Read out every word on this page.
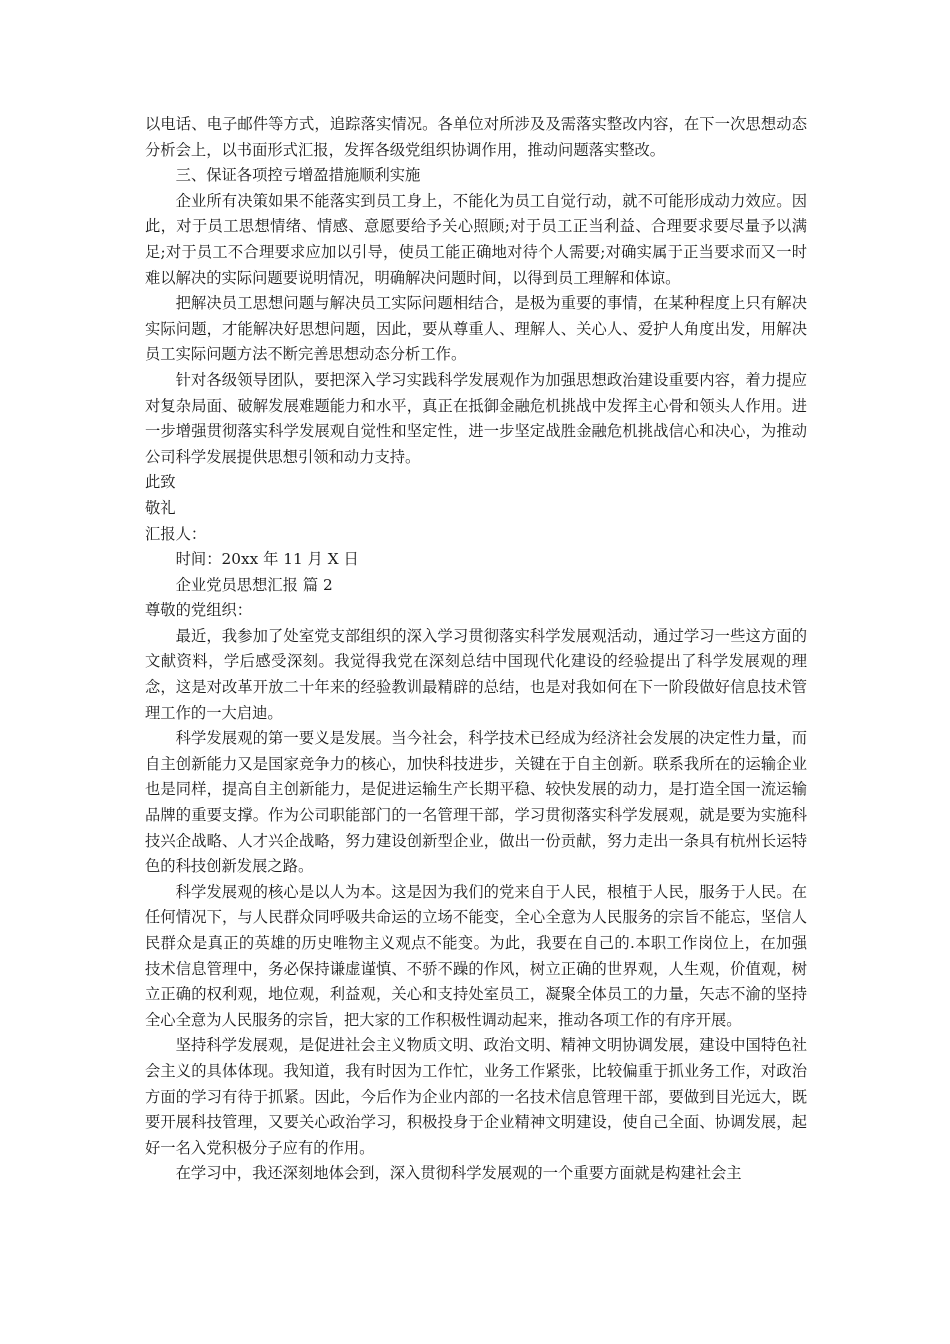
以电话、电子邮件等方式，追踪落实情况。各单位对所涉及及需落实整改内容，在下一次思想动态分析会上，以书面形式汇报，发挥各级党组织协调作用，推动问题落实整改。

三、保证各项控亏增盈措施顺利实施

企业所有决策如果不能落实到员工身上，不能化为员工自觉行动，就不可能形成动力效应。因此，对于员工思想情绪、情感、意愿要给予关心照顾;对于员工正当利益、合理要求要尽量予以满足;对于员工不合理要求应加以引导，使员工能正确地对待个人需要;对确实属于正当要求而又一时难以解决的实际问题要说明情况，明确解决问题时间，以得到员工理解和体谅。

把解决员工思想问题与解决员工实际问题相结合，是极为重要的事情，在某种程度上只有解决实际问题，才能解决好思想问题，因此，要从尊重人、理解人、关心人、爱护人角度出发，用解决员工实际问题方法不断完善思想动态分析工作。

针对各级领导团队，要把深入学习实践科学发展观作为加强思想政治建设重要内容，着力提应对复杂局面、破解发展难题能力和水平，真正在抵御金融危机挑战中发挥主心骨和领头人作用。进一步增强贯彻落实科学发展观自觉性和坚定性，进一步坚定战胜金融危机挑战信心和决心，为推动公司科学发展提供思想引领和动力支持。

此致

敬礼

汇报人：

时间：20xx 年 11 月 X 日

企业党员思想汇报 篇 2

尊敬的党组织：

最近，我参加了处室党支部组织的深入学习贯彻落实科学发展观活动，通过学习一些这方面的文献资料，学后感受深刻。我觉得我党在深刻总结中国现代化建设的经验提出了科学发展观的理念，这是对改革开放二十年来的经验教训最精辟的总结，也是对我如何在下一阶段做好信息技术管理工作的一大启迪。

科学发展观的第一要义是发展。当今社会，科学技术已经成为经济社会发展的决定性力量，而自主创新能力又是国家竞争力的核心，加快科技进步，关键在于自主创新。联系我所在的运输企业也是同样，提高自主创新能力，是促进运输生产长期平稳、较快发展的动力，是打造全国一流运输品牌的重要支撑。作为公司职能部门的一名管理干部，学习贯彻落实科学发展观，就是要为实施科技兴企战略、人才兴企战略，努力建设创新型企业，做出一份贡献，努力走出一条具有杭州长运特色的科技创新发展之路。

科学发展观的核心是以人为本。这是因为我们的党来自于人民，根植于人民，服务于人民。在任何情况下，与人民群众同呼吸共命运的立场不能变，全心全意为人民服务的宗旨不能忘，坚信人民群众是真正的英雄的历史唯物主义观点不能变。为此，我要在自己的.本职工作岗位上，在加强技术信息管理中，务必保持谦虚谨慎、不骄不躁的作风，树立正确的世界观，人生观，价值观，树立正确的权利观，地位观，利益观，关心和支持处室员工，凝聚全体员工的力量，矢志不渝的坚持全心全意为人民服务的宗旨，把大家的工作积极性调动起来，推动各项工作的有序开展。

坚持科学发展观，是促进社会主义物质文明、政治文明、精神文明协调发展，建设中国特色社会主义的具体体现。我知道，我有时因为工作忙，业务工作紧张，比较偏重于抓业务工作，对政治方面的学习有待于抓紧。因此，今后作为企业内部的一名技术信息管理干部，要做到目光远大，既要开展科技管理，又要关心政治学习，积极投身于企业精神文明建设，使自己全面、协调发展，起好一名入党积极分子应有的作用。

在学习中，我还深刻地体会到，深入贯彻科学发展观的一个重要方面就是构建社会主
